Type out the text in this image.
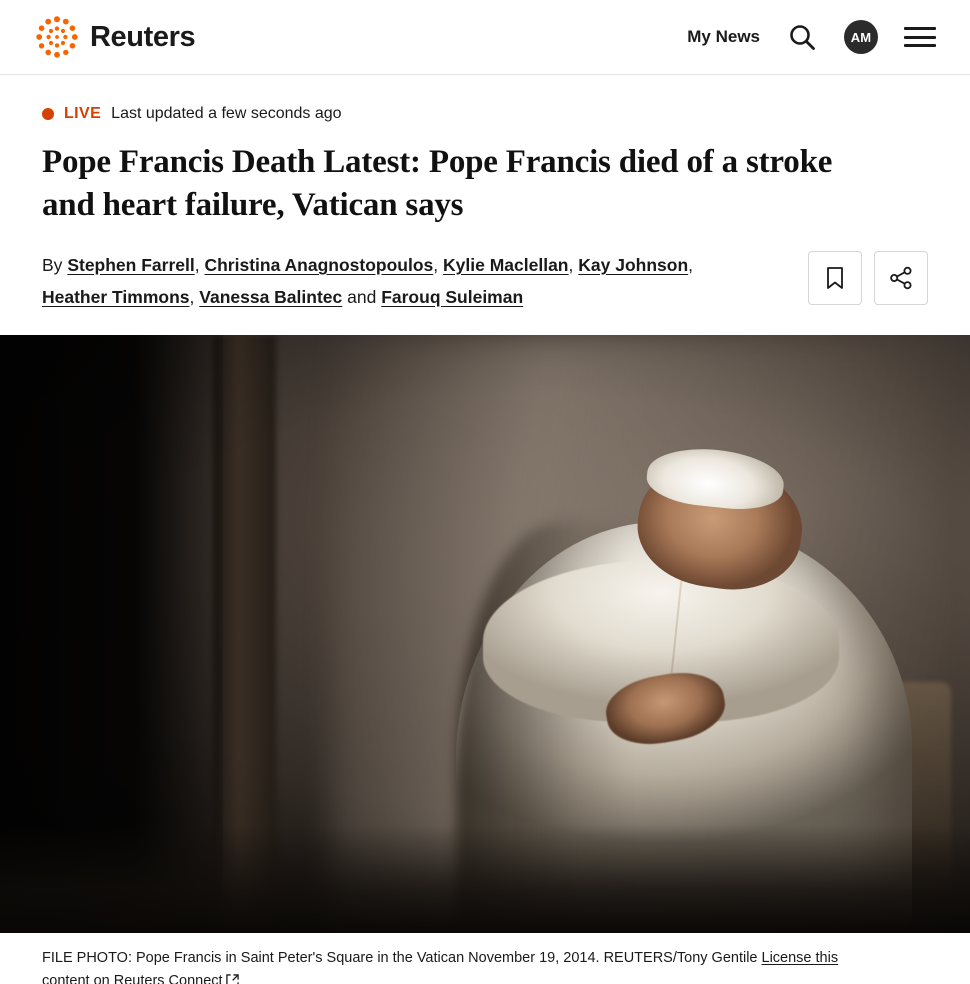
Reuters	My News	AM
LIVE Last updated a few seconds ago
Pope Francis Death Latest: Pope Francis died of a stroke and heart failure, Vatican says
By Stephen Farrell, Christina Anagnostopoulos, Kylie Maclellan, Kay Johnson, Heather Timmons, Vanessa Balintec and Farouq Suleiman
FILE PHOTO: Pope Francis in Saint Peter's Square in the Vatican November 19, 2014. REUTERS/Tony Gentile License this content on Reuters Connect
